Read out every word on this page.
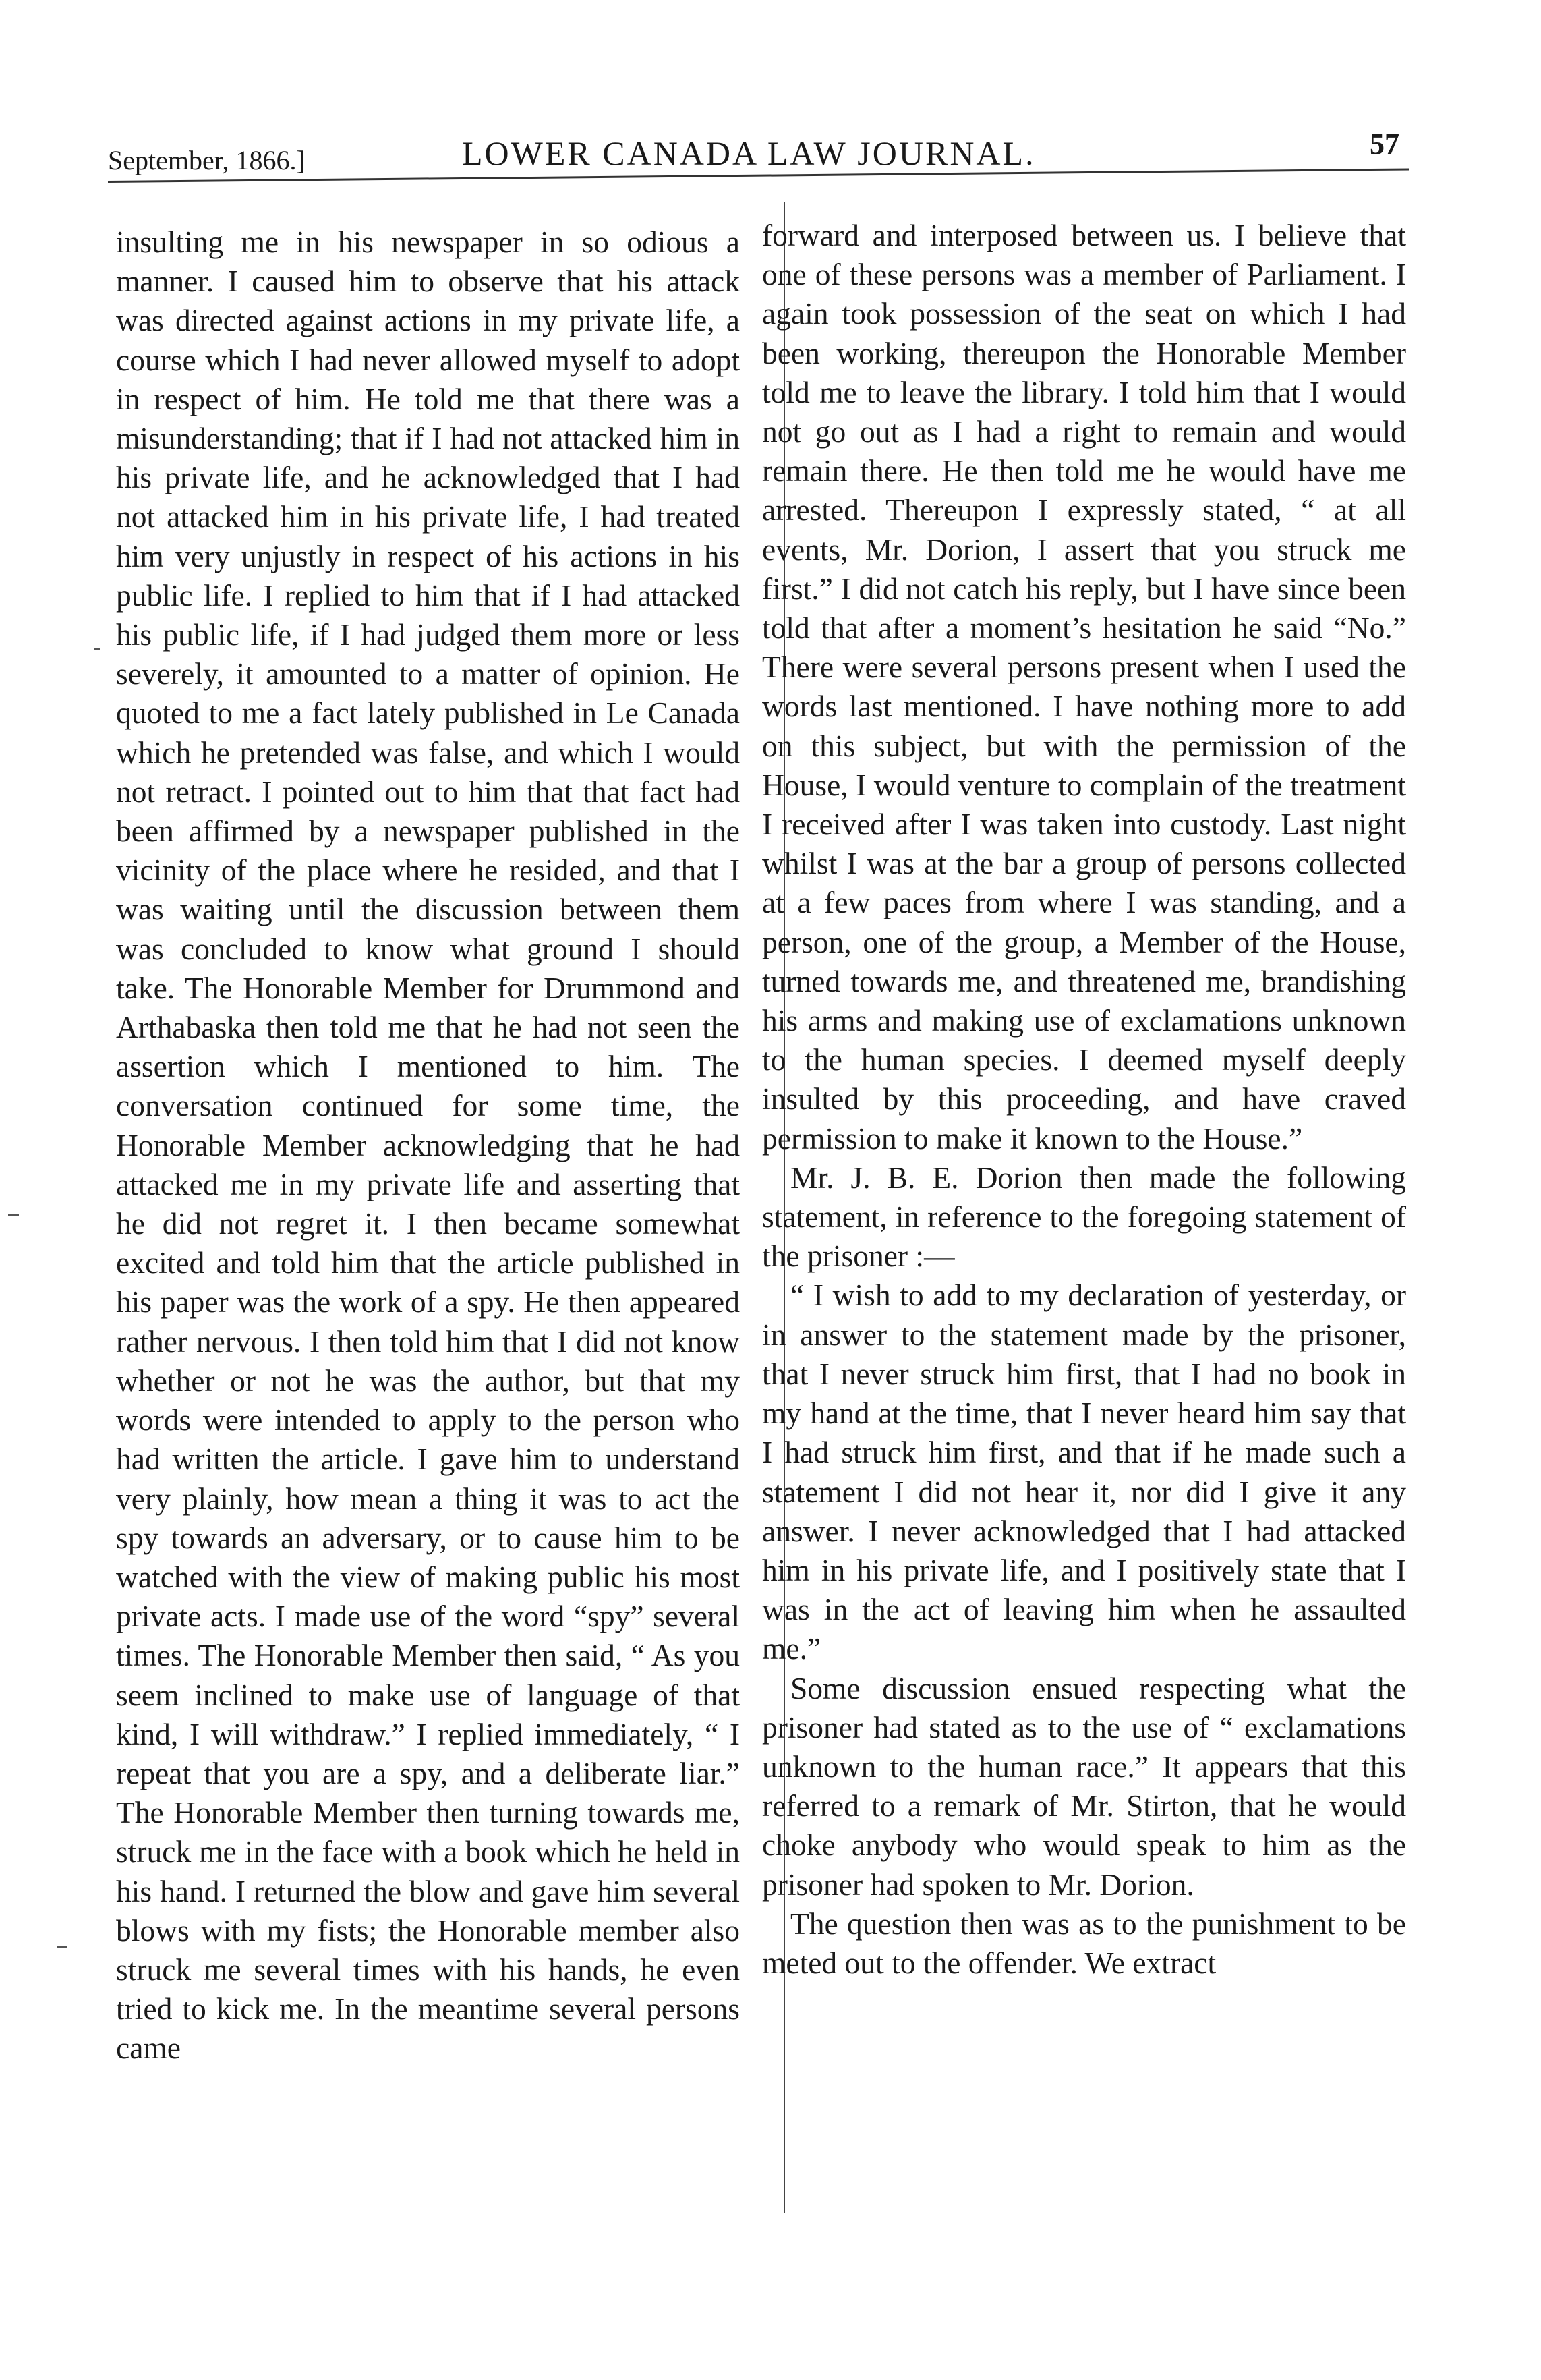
September, 1866.]	LOWER CANADA LAW JOURNAL.	57

insulting me in his newspaper in so odious a manner. I caused him to observe that his attack was directed against actions in my private life, a course which I had never allowed myself to adopt in respect of him. He told me that there was a misunderstanding; that if I had not attacked him in his private life, and he acknowledged that I had not attacked him in his private life, I had treated him very unjustly in respect of his actions in his public life. I replied to him that if I had attacked his public life, if I had judged them more or less severely, it amounted to a matter of opinion. He quoted to me a fact lately published in Le Canada which he pretended was false, and which I would not retract. I pointed out to him that that fact had been affirmed by a newspaper published in the vicinity of the place where he resided, and that I was waiting until the discussion between them was concluded to know what ground I should take. The Honorable Member for Drummond and Arthabaska then told me that he had not seen the assertion which I mentioned to him. The conversation continued for some time, the Honorable Member acknowledging that he had attacked me in my private life and asserting that he did not regret it. I then became somewhat excited and told him that the article published in his paper was the work of a spy. He then appeared rather nervous. I then told him that I did not know whether or not he was the author, but that my words were intended to apply to the person who had written the article. I gave him to understand very plainly, how mean a thing it was to act the spy towards an adversary, or to cause him to be watched with the view of making public his most private acts. I made use of the word “spy” several times. The Honorable Member then said, “ As you seem inclined to make use of language of that kind, I will withdraw.” I replied immediately, “ I repeat that you are a spy, and a deliberate liar.” The Honorable Member then turning towards me, struck me in the face with a book which he held in his hand. I returned the blow and gave him several blows with my fists; the Honorable member also struck me several times with his hands, he even tried to kick me. In the meantime several persons came

forward and interposed between us. I believe that one of these persons was a member of Parliament. I again took possession of the seat on which I had been working, thereupon the Honorable Member told me to leave the library. I told him that I would not go out as I had a right to remain and would remain there. He then told me he would have me arrested. Thereupon I expressly stated, “ at all events, Mr. Dorion, I assert that you struck me first.” I did not catch his reply, but I have since been told that after a moment’s hesitation he said “No.” There were several persons present when I used the words last mentioned. I have nothing more to add on this subject, but with the permission of the House, I would venture to complain of the treatment I received after I was taken into custody. Last night whilst I was at the bar a group of persons collected at a few paces from where I was standing, and a person, one of the group, a Member of the House, turned towards me, and threatened me, brandishing his arms and making use of exclamations unknown to the human species. I deemed myself deeply insulted by this proceeding, and have craved permission to make it known to the House.”

Mr. J. B. E. Dorion then made the following statement, in reference to the foregoing statement of the prisoner :—

“ I wish to add to my declaration of yesterday, or in answer to the statement made by the prisoner, that I never struck him first, that I had no book in my hand at the time, that I never heard him say that I had struck him first, and that if he made such a statement I did not hear it, nor did I give it any answer. I never acknowledged that I had attacked him in his private life, and I positively state that I was in the act of leaving him when he assaulted me.”

Some discussion ensued respecting what the prisoner had stated as to the use of “ exclamations unknown to the human race.” It appears that this referred to a remark of Mr. Stirton, that he would choke anybody who would speak to him as the prisoner had spoken to Mr. Dorion.

The question then was as to the punishment to be meted out to the offender. We extract
